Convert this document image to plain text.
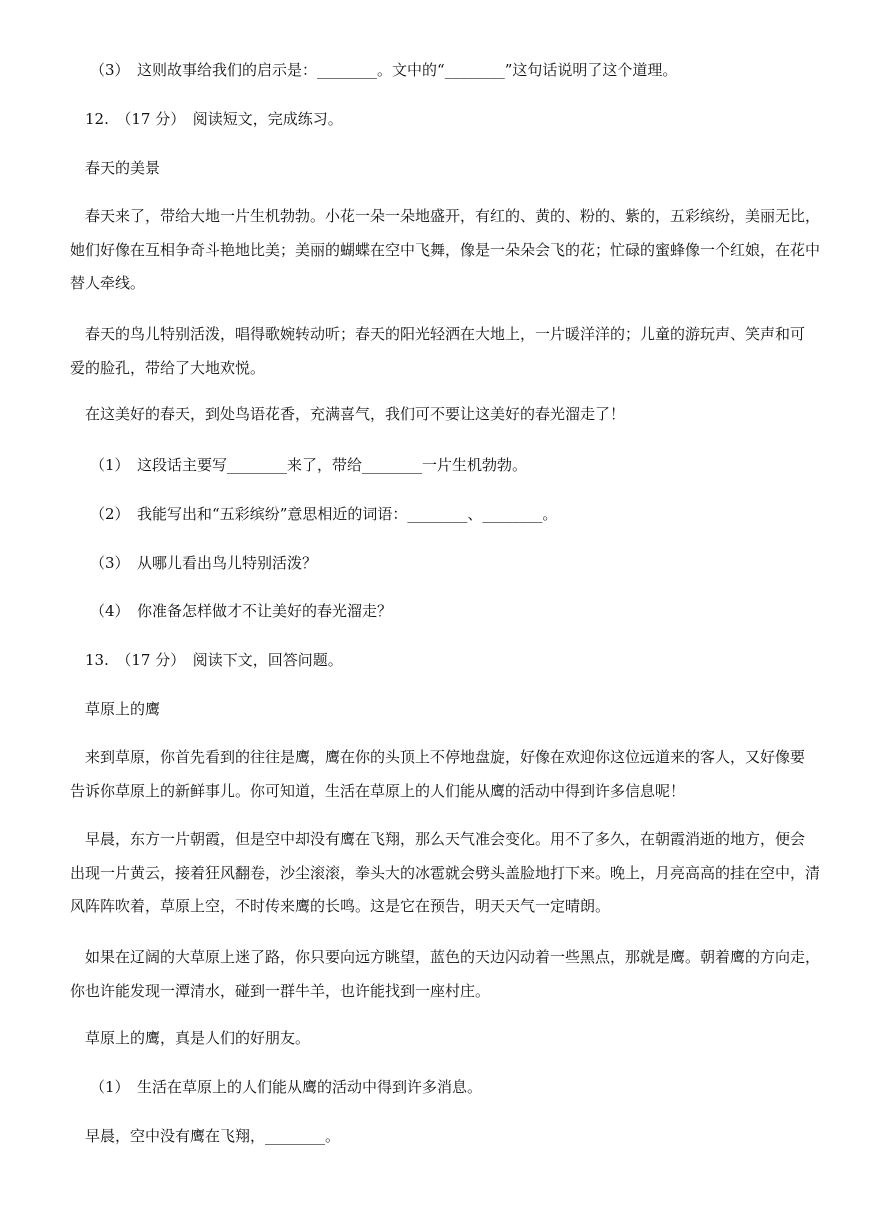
（3）　这则故事给我们的启示是：________。文中的“________”这句话说明了这个道理。
12.　（17 分）　阅读短文，完成练习。
春天的美景
春天来了，带给大地一片生机勃勃。小花一朵一朵地盛开，有红的、黄的、粉的、紫的，五彩缤纷，美丽无比，
她们好像在互相争奇斗艳地比美；美丽的蝴蝶在空中飞舞，像是一朵朵会飞的花；忙碌的蜜蜂像一个红娘，在花中
替人牵线。
春天的鸟儿特别活泼，唱得歌婉转动听；春天的阳光轻洒在大地上，一片暖洋洋的；儿童的游玩声、笑声和可
爱的脸孔，带给了大地欢悦。
在这美好的春天，到处鸟语花香，充满喜气，我们可不要让这美好的春光溜走了！
（1）　这段话主要写________来了，带给________一片生机勃勃。
（2）　我能写出和“五彩缤纷”意思相近的词语：________、________。
（3）　从哪儿看出鸟儿特别活泼？
（4）　你准备怎样做才不让美好的春光溜走？
13.　（17 分）　阅读下文，回答问题。
草原上的鹰
来到草原，你首先看到的往往是鹰，鹰在你的头顶上不停地盘旋，好像在欢迎你这位远道来的客人，又好像要
告诉你草原上的新鲜事儿。你可知道，生活在草原上的人们能从鹰的活动中得到许多信息呢！
早晨，东方一片朝霞，但是空中却没有鹰在飞翔，那么天气准会变化。用不了多久，在朝霞消逝的地方，便会
出现一片黄云，接着狂风翻卷，沙尘滚滚，拳头大的冰雹就会劈头盖脸地打下来。晚上，月亮高高的挂在空中，清
风阵阵吹着，草原上空，不时传来鹰的长鸣。这是它在预告，明天天气一定晴朗。
如果在辽阔的大草原上迷了路，你只要向远方眺望，蓝色的天边闪动着一些黑点，那就是鹰。朝着鹰的方向走，
你也许能发现一潭清水，碰到一群牛羊，也许能找到一座村庄。
草原上的鹰，真是人们的好朋友。
（1）　生活在草原上的人们能从鹰的活动中得到许多消息。
早晨，空中没有鹰在飞翔，________。
